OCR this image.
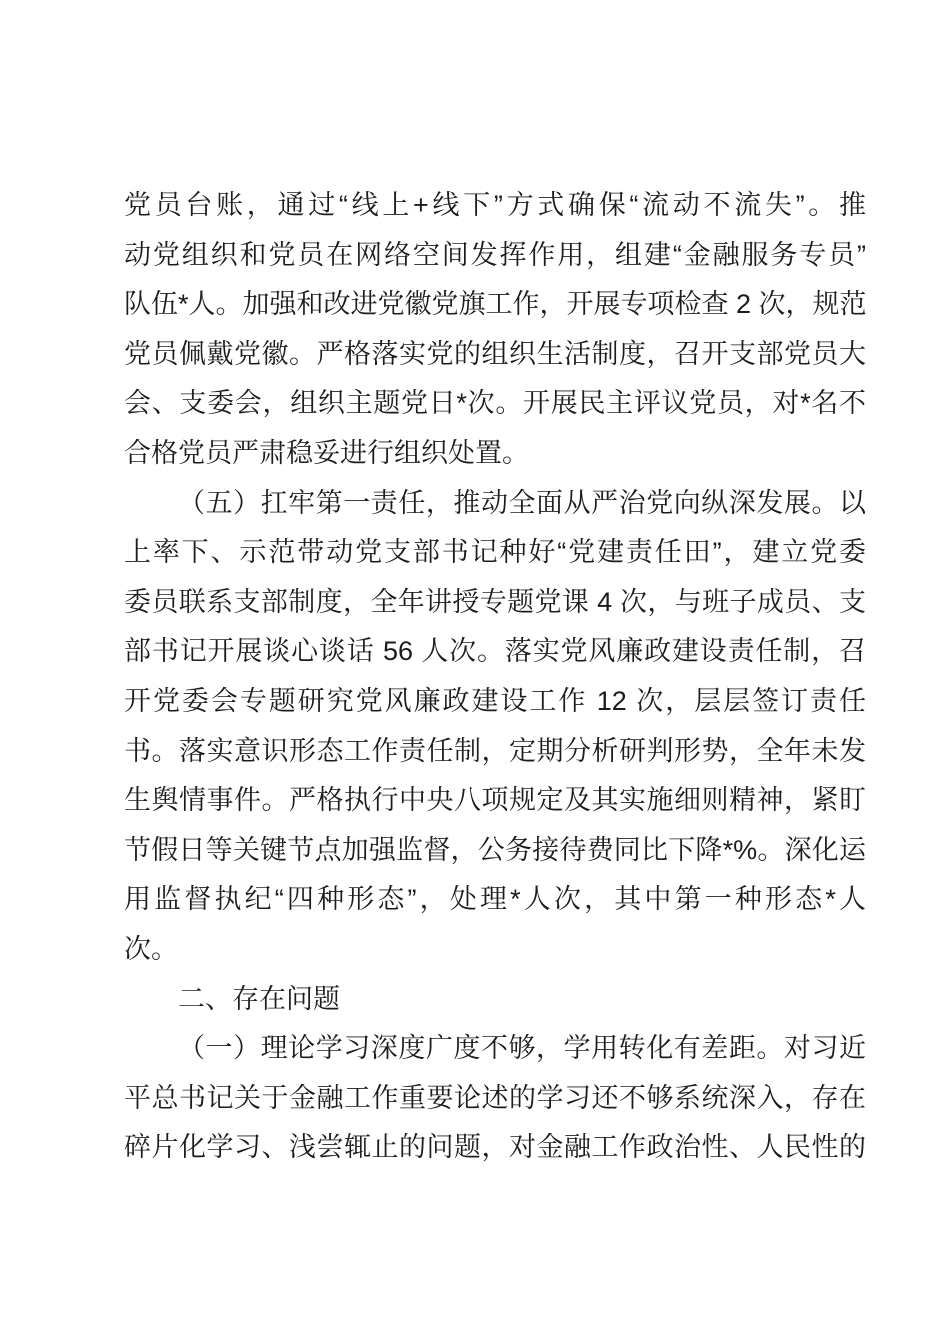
党员台账，通过“线上+线下”方式确保“流动不流失”。推
动党组织和党员在网络空间发挥作用，组建“金融服务专员”
队伍*人。加强和改进党徽党旗工作，开展专项检查 2 次，规范
党员佩戴党徽。严格落实党的组织生活制度，召开支部党员大
会、支委会，组织主题党日*次。开展民主评议党员，对*名不
合格党员严肃稳妥进行组织处置。
（五）扛牢第一责任，推动全面从严治党向纵深发展。以
上率下、示范带动党支部书记种好“党建责任田”，建立党委
委员联系支部制度，全年讲授专题党课 4 次，与班子成员、支
部书记开展谈心谈话 56 人次。落实党风廉政建设责任制，召
开党委会专题研究党风廉政建设工作 12 次，层层签订责任
书。落实意识形态工作责任制，定期分析研判形势，全年未发
生舆情事件。严格执行中央八项规定及其实施细则精神，紧盯
节假日等关键节点加强监督，公务接待费同比下降*%。深化运
用监督执纪“四种形态”，处理*人次，其中第一种形态*人
次。
二、存在问题
（一）理论学习深度广度不够，学用转化有差距。对习近
平总书记关于金融工作重要论述的学习还不够系统深入，存在
碎片化学习、浅尝辄止的问题，对金融工作政治性、人民性的
